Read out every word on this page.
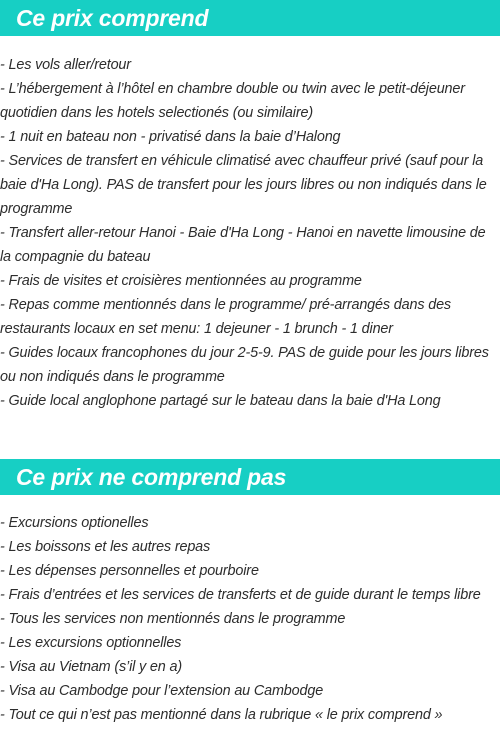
Ce prix comprend
- Les vols aller/retour
- L’hébergement à l’hôtel en chambre double ou twin avec le petit-déjeuner quotidien dans les hotels selectionés (ou similaire)
- 1 nuit en bateau non - privatisé dans la baie d’Halong
- Services de transfert en véhicule climatisé avec chauffeur privé (sauf pour la baie d'Ha Long). PAS de transfert pour les jours libres ou non indiqués dans le programme
- Transfert aller-retour Hanoi - Baie d'Ha Long - Hanoi en navette limousine de la compagnie du bateau
- Frais de visites et croisières mentionnées au programme
- Repas comme mentionnés dans le programme/ pré-arrangés dans des restaurants locaux en set menu: 1 dejeuner - 1 brunch - 1 diner
- Guides locaux francophones du jour 2-5-9. PAS de guide pour les jours libres ou non indiqués dans le programme
- Guide local anglophone partagé sur le bateau dans la baie d'Ha Long
Ce prix ne comprend pas
- Excursions optionelles
- Les boissons et les autres repas
- Les dépenses personnelles et pourboire
- Frais d’entrées et les services de transferts et de guide durant le temps libre
- Tous les services non mentionnés dans le programme
- Les excursions optionnelles
- Visa au Vietnam (s’il y en a)
- Visa au Cambodge pour l’extension au Cambodge
- Tout ce qui n’est pas mentionné dans la rubrique « le prix comprend »
